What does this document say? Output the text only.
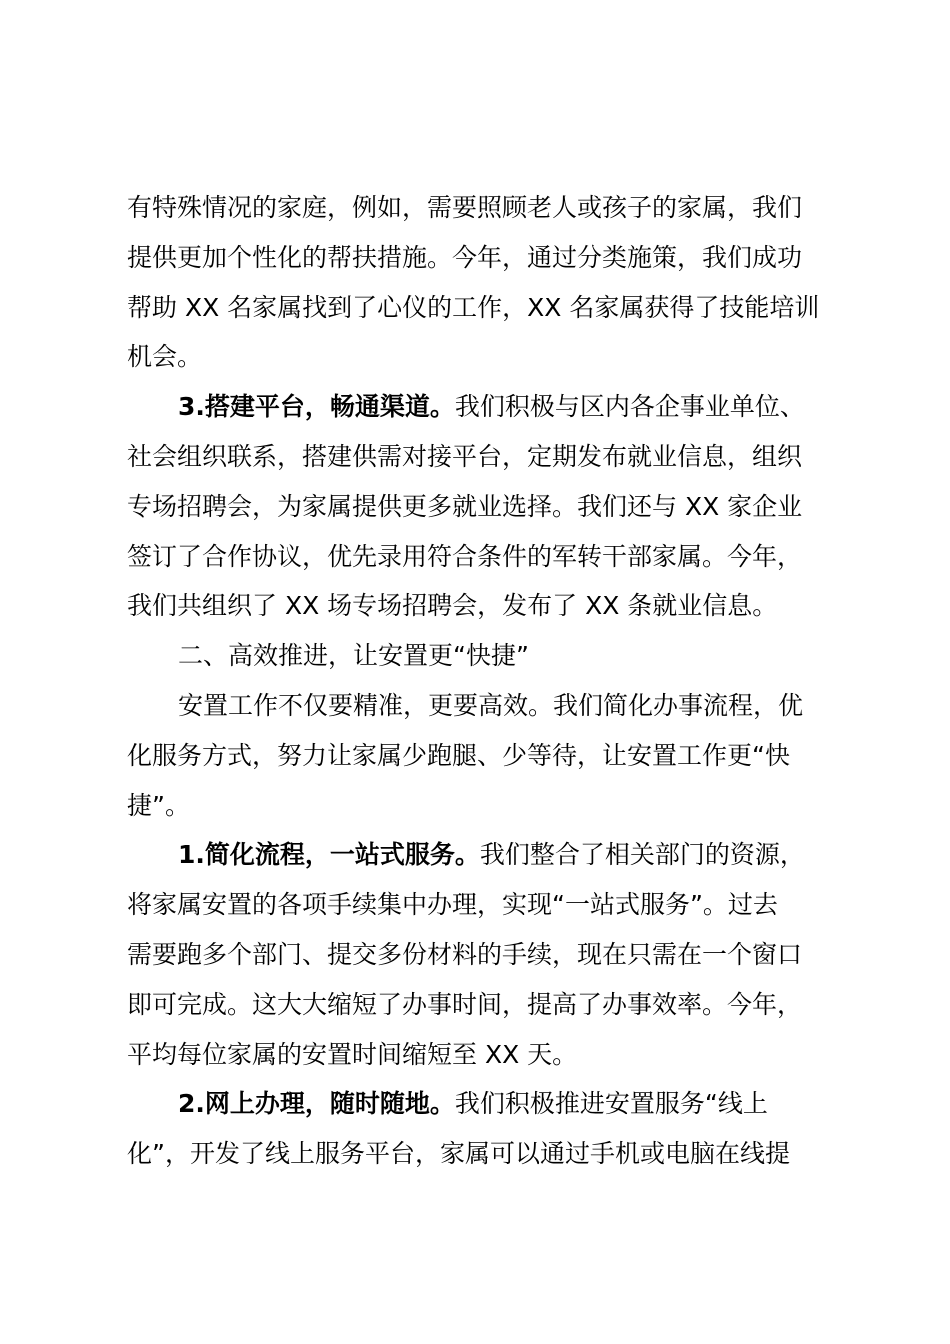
有特殊情况的家庭，例如，需要照顾老人或孩子的家属，我们
提供更加个性化的帮扶措施。今年，通过分类施策，我们成功
帮助 XX 名家属找到了心仪的工作，XX 名家属获得了技能培训
机会。

3.搭建平台，畅通渠道。我们积极与区内各企事业单位、
社会组织联系，搭建供需对接平台，定期发布就业信息，组织
专场招聘会，为家属提供更多就业选择。我们还与 XX 家企业
签订了合作协议，优先录用符合条件的军转干部家属。今年，
我们共组织了 XX 场专场招聘会，发布了 XX 条就业信息。

二、高效推进，让安置更“快捷”

安置工作不仅要精准，更要高效。我们简化办事流程，优
化服务方式，努力让家属少跑腿、少等待，让安置工作更“快
捷”。

1.简化流程，一站式服务。我们整合了相关部门的资源，
将家属安置的各项手续集中办理，实现“一站式服务”。过去
需要跑多个部门、提交多份材料的手续，现在只需在一个窗口
即可完成。这大大缩短了办事时间，提高了办事效率。今年，
平均每位家属的安置时间缩短至 XX 天。

2.网上办理，随时随地。我们积极推进安置服务“线上
化”，开发了线上服务平台，家属可以通过手机或电脑在线提
